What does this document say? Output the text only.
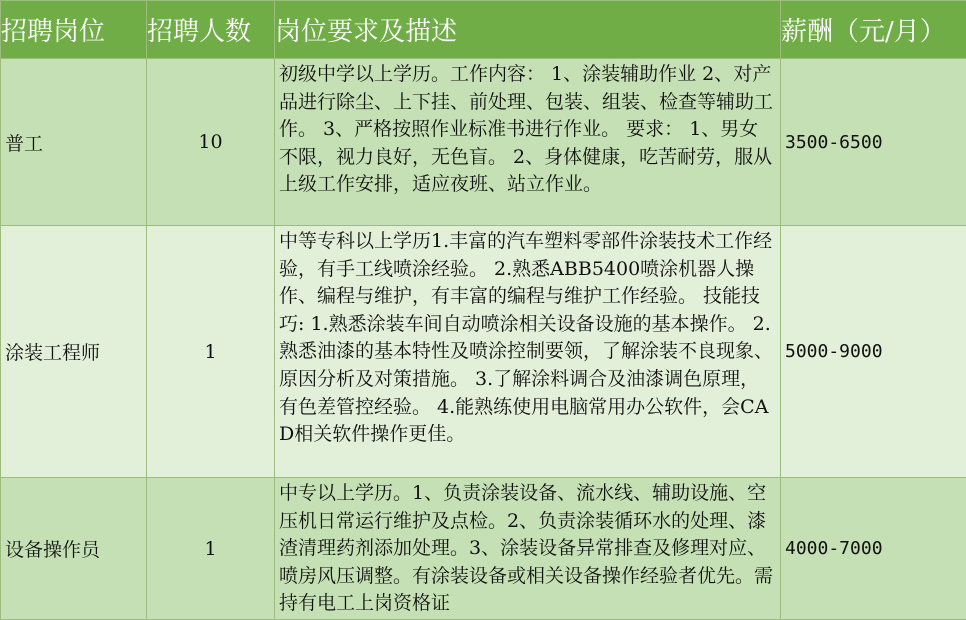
招聘岗位	招聘人数	岗位要求及描述	薪酬（元/月）
普工	10	初级中学以上学历。工作内容： 1、涂装辅助作业 2、对产品进行除尘、上下挂、前处理、包装、组装、检查等辅助工作。 3、严格按照作业标准书进行作业。 要求： 1、男女不限，视力良好，无色盲。 2、身体健康，吃苦耐劳，服从上级工作安排，适应夜班、站立作业。	3500-6500
涂装工程师	1	中等专科以上学历1.丰富的汽车塑料零部件涂装技术工作经验，有手工线喷涂经验。 2.熟悉ABB5400喷涂机器人操作、编程与维护，有丰富的编程与维护工作经验。 技能技巧: 1.熟悉涂装车间自动喷涂相关设备设施的基本操作。 2.熟悉油漆的基本特性及喷涂控制要领，了解涂装不良现象、原因分析及对策措施。 3.了解涂料调合及油漆调色原理，有色差管控经验。 4.能熟练使用电脑常用办公软件，会CAD相关软件操作更佳。	5000-9000
设备操作员	1	中专以上学历。1、负责涂装设备、流水线、辅助设施、空压机日常运行维护及点检。2、负责涂装循环水的处理、漆渣清理药剂添加处理。3、涂装设备异常排查及修理对应、喷房风压调整。有涂装设备或相关设备操作经验者优先。需持有电工上岗资格证	4000-7000
